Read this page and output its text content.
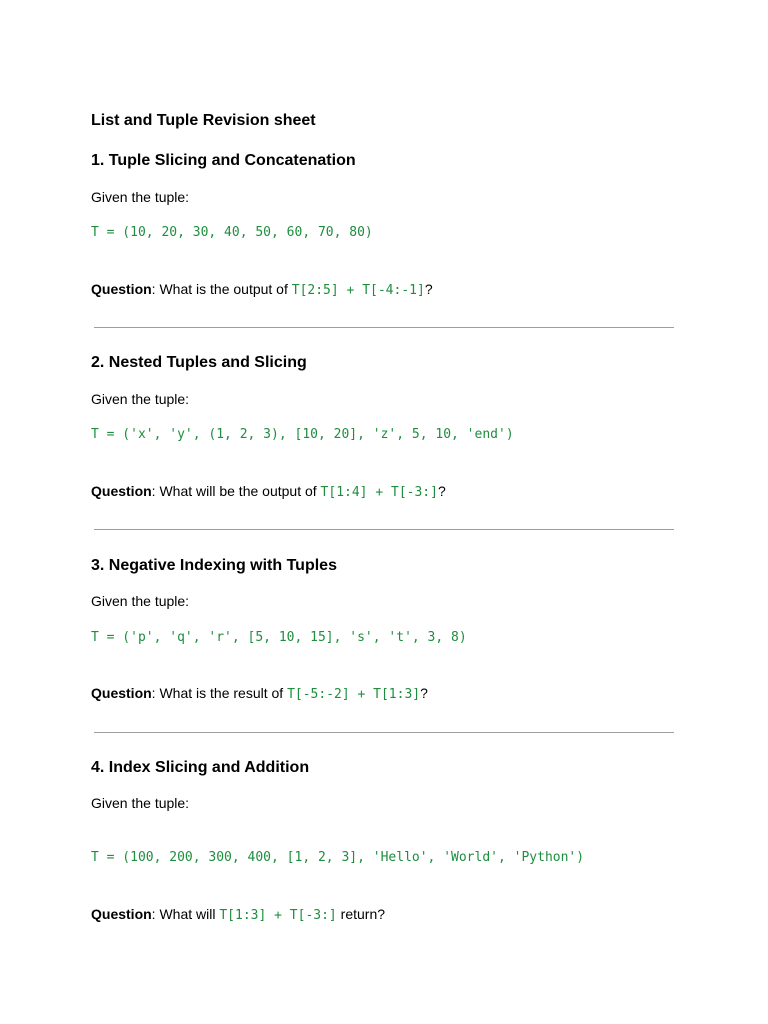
List and Tuple Revision sheet
1. Tuple Slicing and Concatenation
Given the tuple:
T = (10, 20, 30, 40, 50, 60, 70, 80)
Question: What is the output of T[2:5] + T[-4:-1]?
2. Nested Tuples and Slicing
Given the tuple:
T = ('x', 'y', (1, 2, 3), [10, 20], 'z', 5, 10, 'end')
Question: What will be the output of T[1:4] + T[-3:]?
3. Negative Indexing with Tuples
Given the tuple:
T = ('p', 'q', 'r', [5, 10, 15], 's', 't', 3, 8)
Question: What is the result of T[-5:-2] + T[1:3]?
4. Index Slicing and Addition
Given the tuple:
T = (100, 200, 300, 400, [1, 2, 3], 'Hello', 'World', 'Python')
Question: What will T[1:3] + T[-3:] return?
